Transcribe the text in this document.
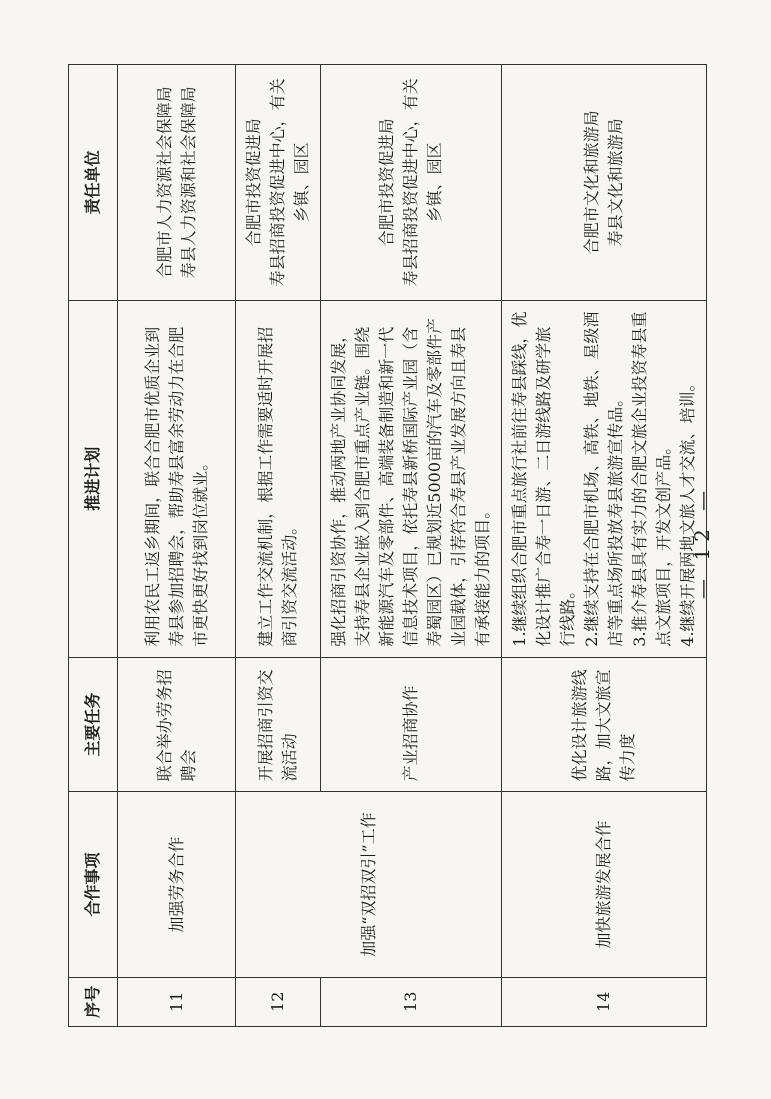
序号	合作事项	主要任务	推进计划	责任单位
11	加强劳务合作	联合举办劳务招聘会	利用农民工返乡期间，联合合肥市优质企业到寿县参加招聘会，帮助寿县富余劳动力在合肥市更快更好找到岗位就业。	合肥市人力资源社会保障局 寿县人力资源和社会保障局

12	加强“双招双引”工作	开展招商引资交流活动	建立工作交流机制，根据工作需要适时开展招商引资交流活动。	合肥市投资促进局 寿县招商投资促进中心，有关乡镇、园区

13		产业招商协作	强化招商引资协作，推动两地产业协同发展，支持寿县企业嵌入到合肥市重点产业链。围绕新能源汽车及零部件、高端装备制造和新一代信息技术项目，依托寿县新桥国际产业园（含寿蜀园区）已规划近5000亩的汽车及零部件产业园载体，引荐符合寿县产业发展方向且寿县有承接能力的项目。	合肥市投资促进局 寿县招商投资促进中心，有关乡镇、园区

14	加快旅游发展合作	优化设计旅游线路，加大文旅宣传力度	1.继续组织合肥市重点旅行社前往寿县踩线，优化设计推广合寿一日游、二日游线路及研学旅行线路。 2.继续支持在合肥市机场、高铁、地铁、星级酒店等重点场所投放寿县旅游宣传品。 3.推介寿县具有实力的合肥文旅企业投资寿县重点文旅项目，开发文创产品。 4.继续开展两地文旅人才交流、培训。	合肥市文化和旅游局 寿县文化和旅游局
— 12 —
